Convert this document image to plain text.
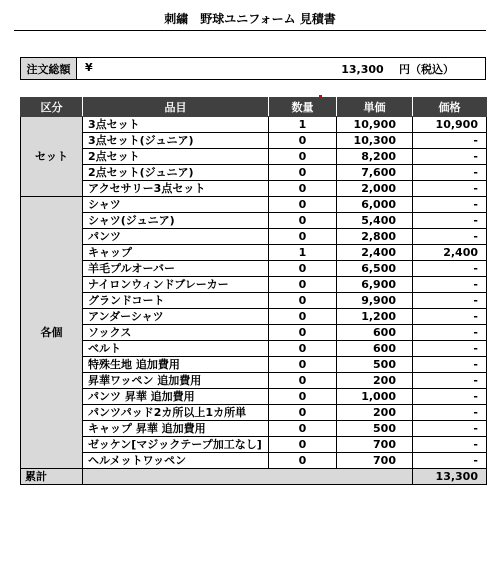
刺繍　野球ユニフォーム 見積書
注文総額	¥	13,300 円（税込）
区分	品目	数量	単価	価格
セット	3点セット	1	10,900	10,900
	3点セット(ジュニア)	0	10,300	-
	2点セット	0	8,200	-
	2点セット(ジュニア)	0	7,600	-
	アクセサリー3点セット	0	2,000	-
各個	シャツ	0	6,000	-
	シャツ(ジュニア)	0	5,400	-
	パンツ	0	2,800	-
	キャップ	1	2,400	2,400
	羊毛プルオーバー	0	6,500	-
	ナイロンウィンドブレーカー	0	6,900	-
	グランドコート	0	9,900	-
	アンダーシャツ	0	1,200	-
	ソックス	0	600	-
	ベルト	0	600	-
	特殊生地 追加費用	0	500	-
	昇華ワッペン 追加費用	0	200	-
	パンツ 昇華 追加費用	0	1,000	-
	パンツパッド2カ所以上1カ所単	0	200	-
	キャップ 昇華 追加費用	0	500	-
	ゼッケン[マジックテープ加工なし]	0	700	-
	ヘルメットワッペン	0	700	-
累計				13,300
